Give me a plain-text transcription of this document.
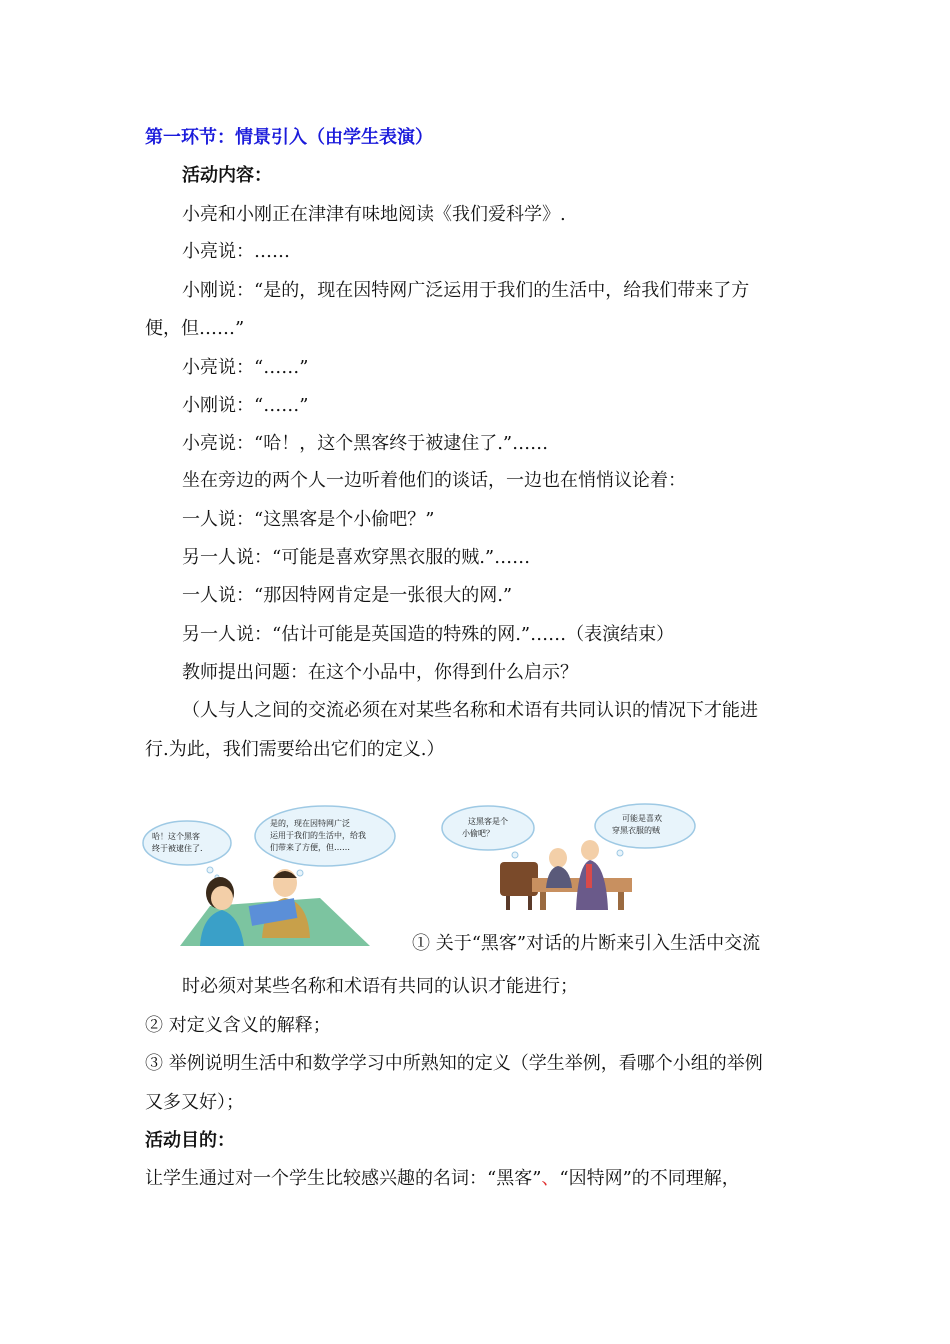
第一环节：情景引入（由学生表演）
活动内容：
小亮和小刚正在津津有味地阅读《我们爱科学》.
小亮说：……
小刚说：“是的，现在因特网广泛运用于我们的生活中，给我们带来了方
便，但……”
小亮说：“……”
小刚说：“……”
小亮说：“哈！，这个黑客终于被逮住了.”……
坐在旁边的两个人一边听着他们的谈话，一边也在悄悄议论着：
一人说：“这黑客是个小偷吧？”
另一人说：“可能是喜欢穿黑衣服的贼.”……
一人说：“那因特网肯定是一张很大的网.”
另一人说：“估计可能是英国造的特殊的网.”……（表演结束）
教师提出问题：在这个小品中，你得到什么启示？
（人与人之间的交流必须在对某些名称和术语有共同认识的情况下才能进
行.为此，我们需要给出它们的定义.）
哈！这个黑客
终于被逮住了.
是的，现在因特网广泛
运用于我们的生活中，给我
们带来了方便，但……
这黑客是个
小偷吧？
可能是喜欢
穿黑衣服的贼
① 关于“黑客”对话的片断来引入生活中交流
时必须对某些名称和术语有共同的认识才能进行；
② 对定义含义的解释；
③ 举例说明生活中和数学学习中所熟知的定义（学生举例，看哪个小组的举例
又多又好）；
活动目的：
让学生通过对一个学生比较感兴趣的名词：“黑客”、“因特网”的不同理解，
